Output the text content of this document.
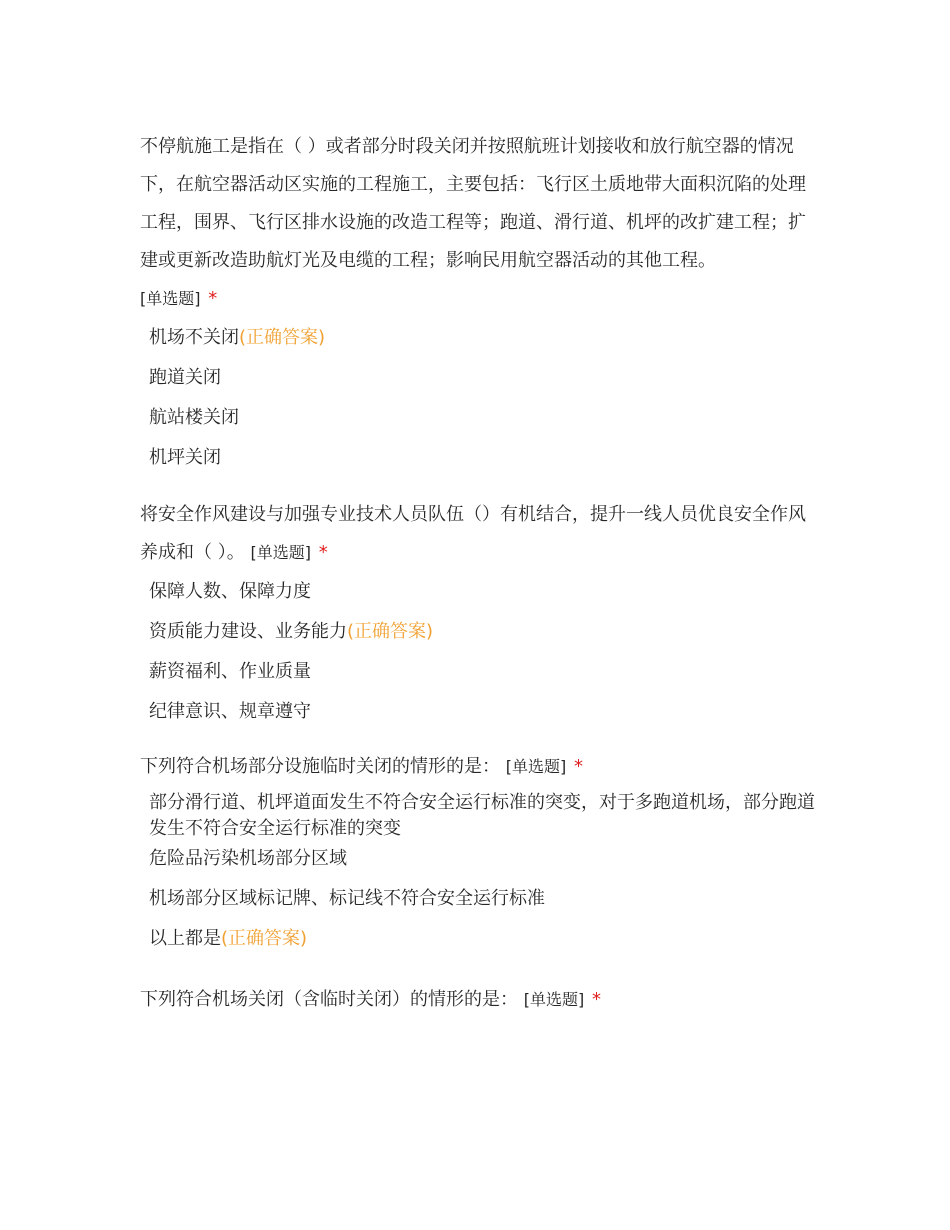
不停航施工是指在（ ）或者部分时段关闭并按照航班计划接收和放行航空器的情况下，在航空器活动区实施的工程施工，主要包括：飞行区土质地带大面积沉陷的处理工程，围界、飞行区排水设施的改造工程等；跑道、滑行道、机坪的改扩建工程；扩建或更新改造助航灯光及电缆的工程；影响民用航空器活动的其他工程。
[单选题] *

机场不关闭(正确答案)
跑道关闭
航站楼关闭
机坪关闭

将安全作风建设与加强专业技术人员队伍（）有机结合，提升一线人员优良安全作风养成和（ ）。 [单选题] *

保障人数、保障力度
资质能力建设、业务能力(正确答案)
薪资福利、作业质量
纪律意识、规章遵守

下列符合机场部分设施临时关闭的情形的是： [单选题] *

部分滑行道、机坪道面发生不符合安全运行标准的突变，对于多跑道机场，部分跑道发生不符合安全运行标准的突变
危险品污染机场部分区域
机场部分区域标记牌、标记线不符合安全运行标准
以上都是(正确答案)

下列符合机场关闭（含临时关闭）的情形的是： [单选题] *
